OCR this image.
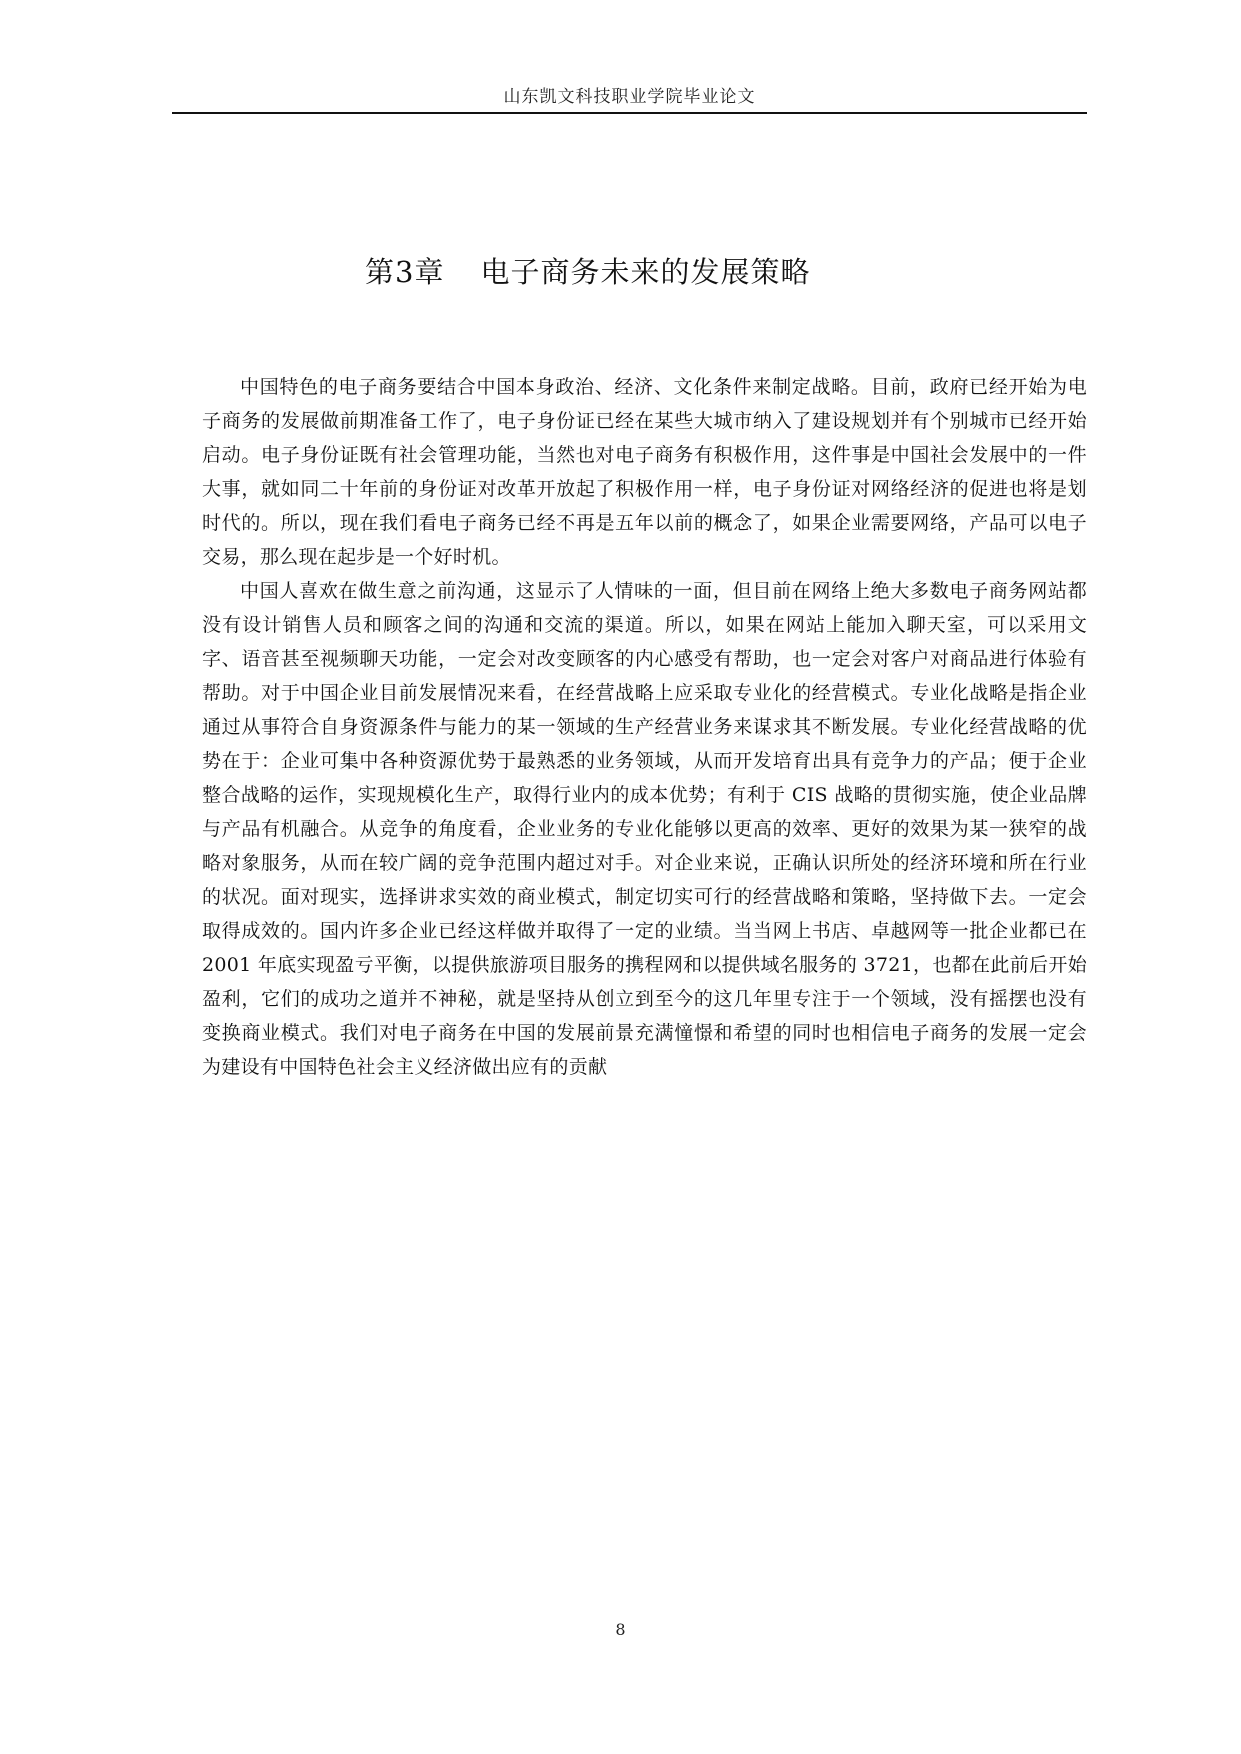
山东凯文科技职业学院毕业论文
第3章 电子商务未来的发展策略

中国特色的电子商务要结合中国本身政治、经济、文化条件来制定战略。目前，政府已经开始为电子商务的发展做前期准备工作了，电子身份证已经在某些大城市纳入了建设规划并有个别城市已经开始启动。电子身份证既有社会管理功能，当然也对电子商务有积极作用，这件事是中国社会发展中的一件大事，就如同二十年前的身份证对改革开放起了积极作用一样，电子身份证对网络经济的促进也将是划时代的。所以，现在我们看电子商务已经不再是五年以前的概念了，如果企业需要网络，产品可以电子交易，那么现在起步是一个好时机。

中国人喜欢在做生意之前沟通，这显示了人情味的一面，但目前在网络上绝大多数电子商务网站都没有设计销售人员和顾客之间的沟通和交流的渠道。所以，如果在网站上能加入聊天室，可以采用文字、语音甚至视频聊天功能，一定会对改变顾客的内心感受有帮助，也一定会对客户对商品进行体验有帮助。对于中国企业目前发展情况来看，在经营战略上应采取专业化的经营模式。专业化战略是指企业通过从事符合自身资源条件与能力的某一领域的生产经营业务来谋求其不断发展。专业化经营战略的优势在于：企业可集中各种资源优势于最熟悉的业务领域，从而开发培育出具有竞争力的产品；便于企业整合战略的运作，实现规模化生产，取得行业内的成本优势；有利于 CIS 战略的贯彻实施，使企业品牌与产品有机融合。从竞争的角度看，企业业务的专业化能够以更高的效率、更好的效果为某一狭窄的战略对象服务，从而在较广阔的竞争范围内超过对手。对企业来说，正确认识所处的经济环境和所在行业的状况。面对现实，选择讲求实效的商业模式，制定切实可行的经营战略和策略，坚持做下去。一定会取得成效的。国内许多企业已经这样做并取得了一定的业绩。当当网上书店、卓越网等一批企业都已在 2001 年底实现盈亏平衡，以提供旅游项目服务的携程网和以提供域名服务的 3721，也都在此前后开始盈利，它们的成功之道并不神秘，就是坚持从创立到至今的这几年里专注于一个领域，没有摇摆也没有变换商业模式。我们对电子商务在中国的发展前景充满憧憬和希望的同时也相信电子商务的发展一定会为建设有中国特色社会主义经济做出应有的贡献

8
